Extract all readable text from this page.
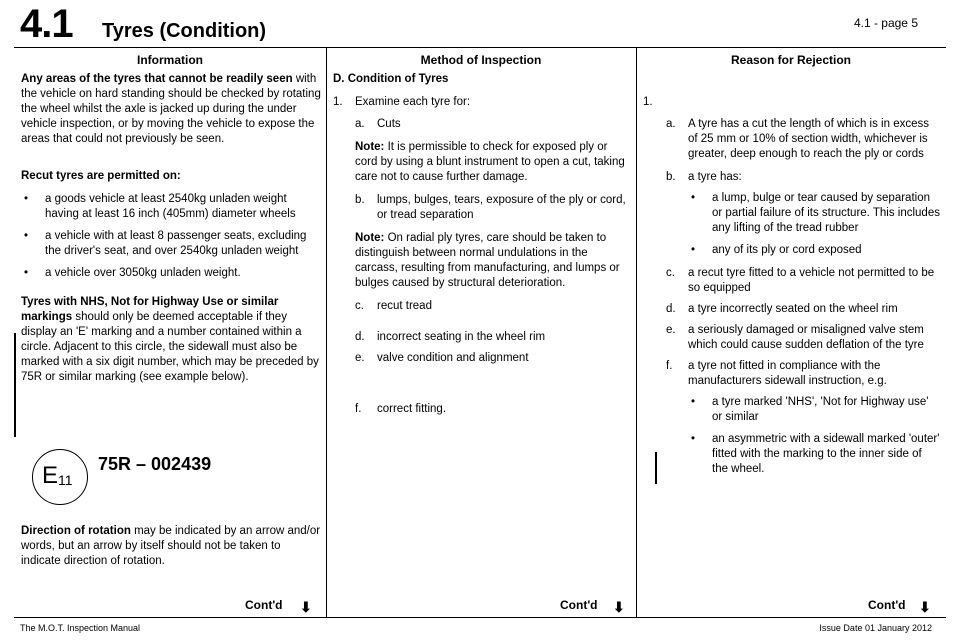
4.1 Tyres (Condition)	4.1 - page 5
Information	Method of Inspection	Reason for Rejection

Any areas of the tyres that cannot be readily seen with the vehicle on hard standing should be checked by rotating the wheel whilst the axle is jacked up during the under vehicle inspection, or by moving the vehicle to expose the areas that could not previously be seen.

Recut tyres are permitted on:

• a goods vehicle at least 2540kg unladen weight having at least 16 inch (405mm) diameter wheels
• a vehicle with at least 8 passenger seats, excluding the driver's seat, and over 2540kg unladen weight
• a vehicle over 3050kg unladen weight.

Tyres with NHS, Not for Highway Use or similar markings should only be deemed acceptable if they display an 'E' marking and a number contained within a circle. Adjacent to this circle, the sidewall must also be marked with a six digit number, which may be preceded by 75R or similar marking (see example below).

E 11
75R – 002439

Direction of rotation may be indicated by an arrow and/or words, but an arrow by itself should not be taken to indicate direction of rotation.

D. Condition of Tyres
1. Examine each tyre for:
a. Cuts

Note: It is permissible to check for exposed ply or cord by using a blunt instrument to open a cut, taking care not to cause further damage.

b. lumps, bulges, tears, exposure of the ply or cord, or tread separation

Note: On radial ply tyres, care should be taken to distinguish between normal undulations in the carcass, resulting from manufacturing, and lumps or bulges caused by structural deterioration.

c. recut tread
d. incorrect seating in the wheel rim
e. valve condition and alignment
f. correct fitting.
1.
a. A tyre has a cut the length of which is in excess of 25 mm or 10% of section width, whichever is greater, deep enough to reach the ply or cords
b. a tyre has:
• a lump, bulge or tear caused by separation or partial failure of its structure. This includes any lifting of the tread rubber
• any of its ply or cord exposed
c. a recut tyre fitted to a vehicle not permitted to be so equipped
d. a tyre incorrectly seated on the wheel rim
e. a seriously damaged or misaligned valve stem which could cause sudden deflation of the tyre
f. a tyre not fitted in compliance with the manufacturers sidewall instruction, e.g.
• a tyre marked 'NHS', 'Not for Highway use' or similar
• an asymmetric with a sidewall marked 'outer' fitted with the marking to the inner side of the wheel.
Cont'd ⬇	Cont'd ⬇	Cont'd ⬇
The M.O.T. Inspection Manual	Issue Date 01 January 2012
